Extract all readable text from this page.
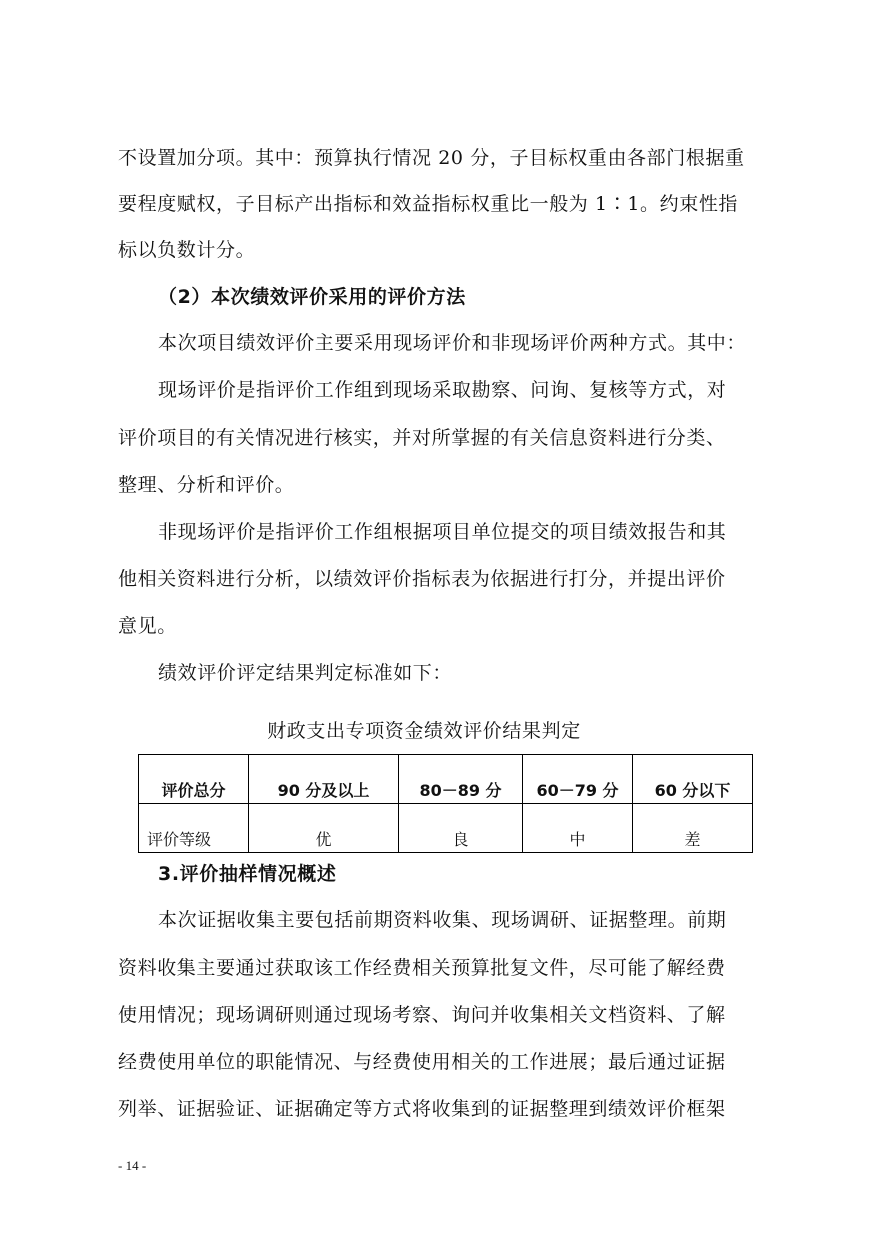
不设置加分项。其中：预算执行情况 20 分，子目标权重由各部门根据重
要程度赋权，子目标产出指标和效益指标权重比一般为 1∶1。约束性指
标以负数计分。
（2）本次绩效评价采用的评价方法
本次项目绩效评价主要采用现场评价和非现场评价两种方式。其中：
现场评价是指评价工作组到现场采取勘察、问询、复核等方式，对
评价项目的有关情况进行核实，并对所掌握的有关信息资料进行分类、
整理、分析和评价。
非现场评价是指评价工作组根据项目单位提交的项目绩效报告和其
他相关资料进行分析，以绩效评价指标表为依据进行打分，并提出评价
意见。
绩效评价评定结果判定标准如下：
财政支出专项资金绩效评价结果判定
评价总分	90 分及以上	80－89 分	60－79 分	60 分以下
评价等级	优	良	中	差
3.评价抽样情况概述
本次证据收集主要包括前期资料收集、现场调研、证据整理。前期
资料收集主要通过获取该工作经费相关预算批复文件，尽可能了解经费
使用情况；现场调研则通过现场考察、询问并收集相关文档资料、了解
经费使用单位的职能情况、与经费使用相关的工作进展；最后通过证据
列举、证据验证、证据确定等方式将收集到的证据整理到绩效评价框架
- 14 -
